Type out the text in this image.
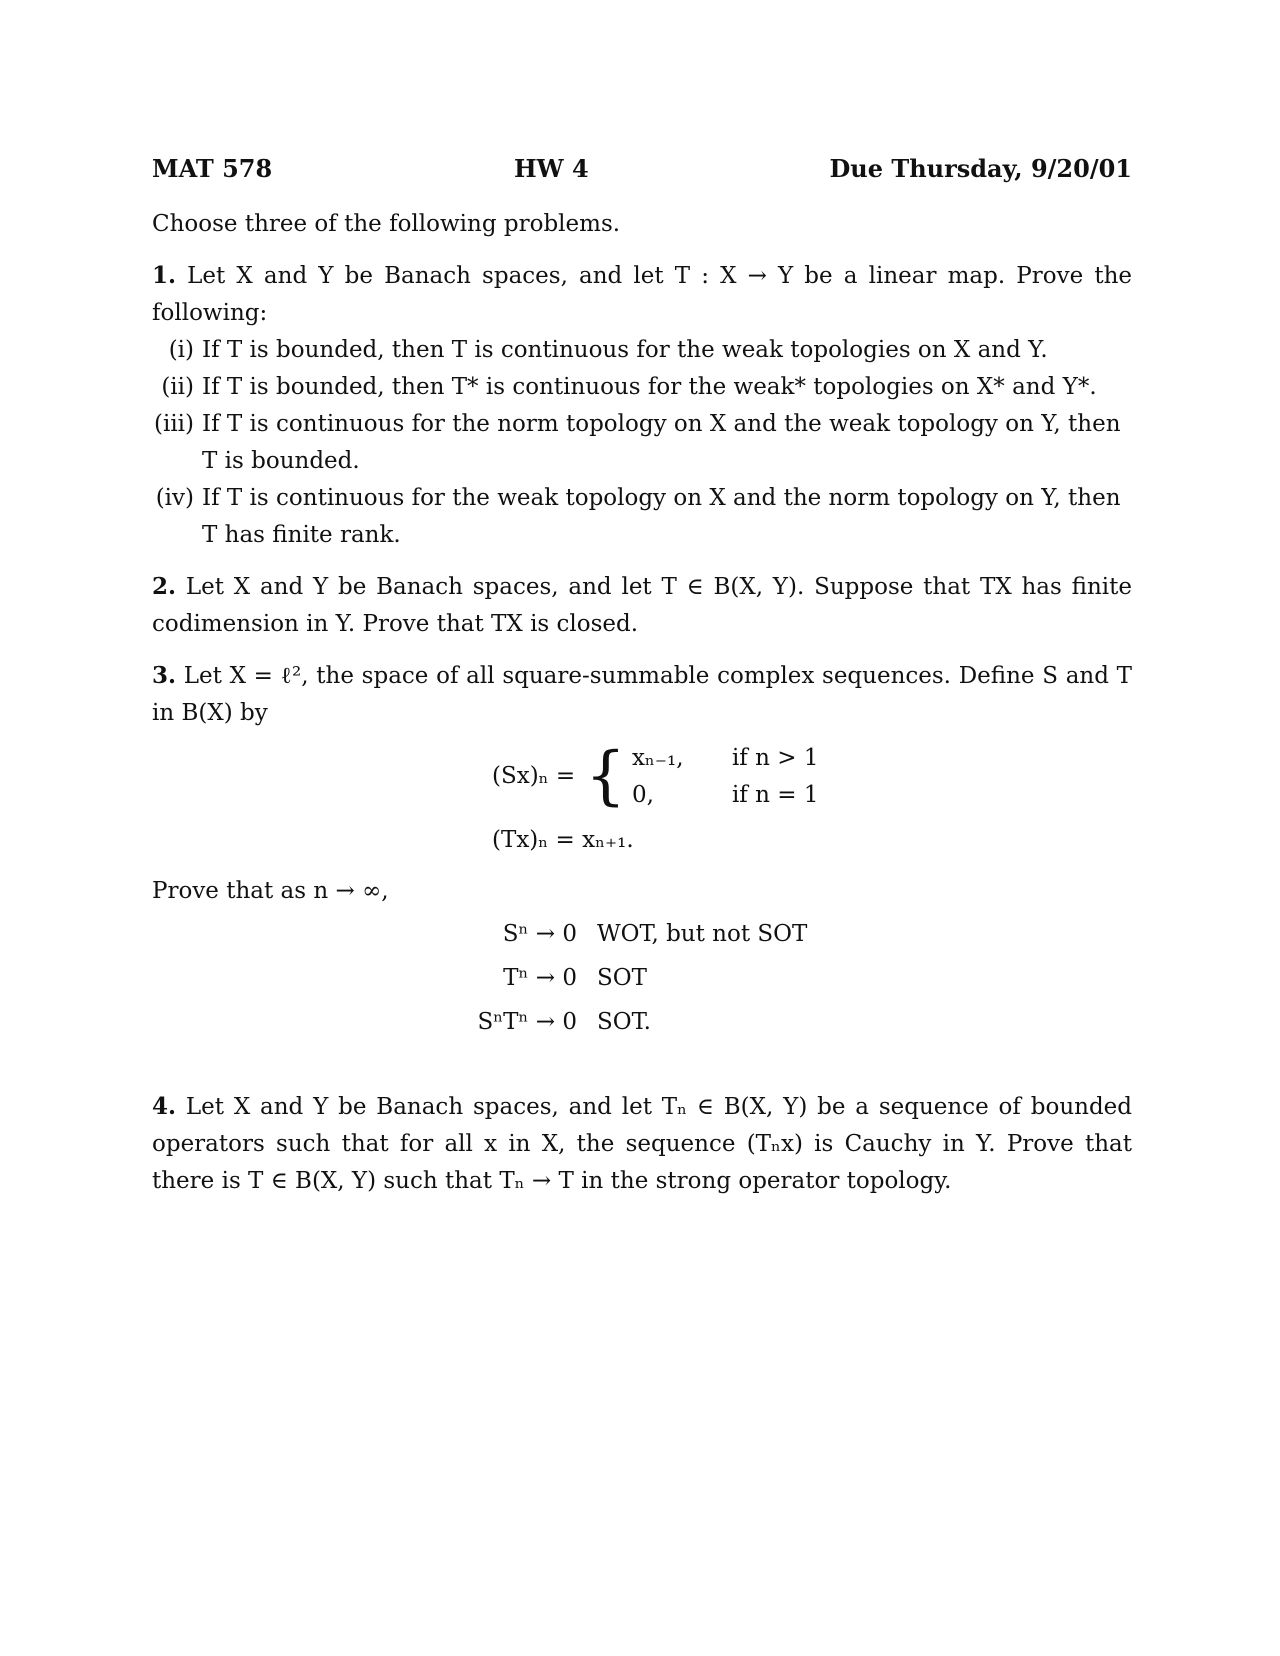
MAT 578	HW 4	Due Thursday, 9/20/01

Choose three of the following problems.

1. Let X and Y be Banach spaces, and let T : X → Y be a linear map. Prove the following:

(i) If T is bounded, then T is continuous for the weak topologies on X and Y.
(ii) If T is bounded, then T* is continuous for the weak* topologies on X* and Y*.
(iii) If T is continuous for the norm topology on X and the weak topology on Y, then T is bounded.
(iv) If T is continuous for the weak topology on X and the norm topology on Y, then T has finite rank.

2. Let X and Y be Banach spaces, and let T ∈ B(X, Y). Suppose that TX has finite codimension in Y. Prove that TX is closed.

3. Let X = ℓ², the space of all square-summable complex sequences. Define S and T in B(X) by

(Sx)ₙ = { xₙ₋₁, if n > 1
0,	if n = 1
(Tx)ₙ = xₙ₊₁.

Prove that as n → ∞,

Sⁿ → 0 WOT, but not SOT
Tⁿ → 0 SOT
SⁿTⁿ → 0 SOT.

4. Let X and Y be Banach spaces, and let Tₙ ∈ B(X, Y) be a sequence of bounded operators such that for all x in X, the sequence (Tₙx) is Cauchy in Y. Prove that there is T ∈ B(X, Y) such that Tₙ → T in the strong operator topology.
